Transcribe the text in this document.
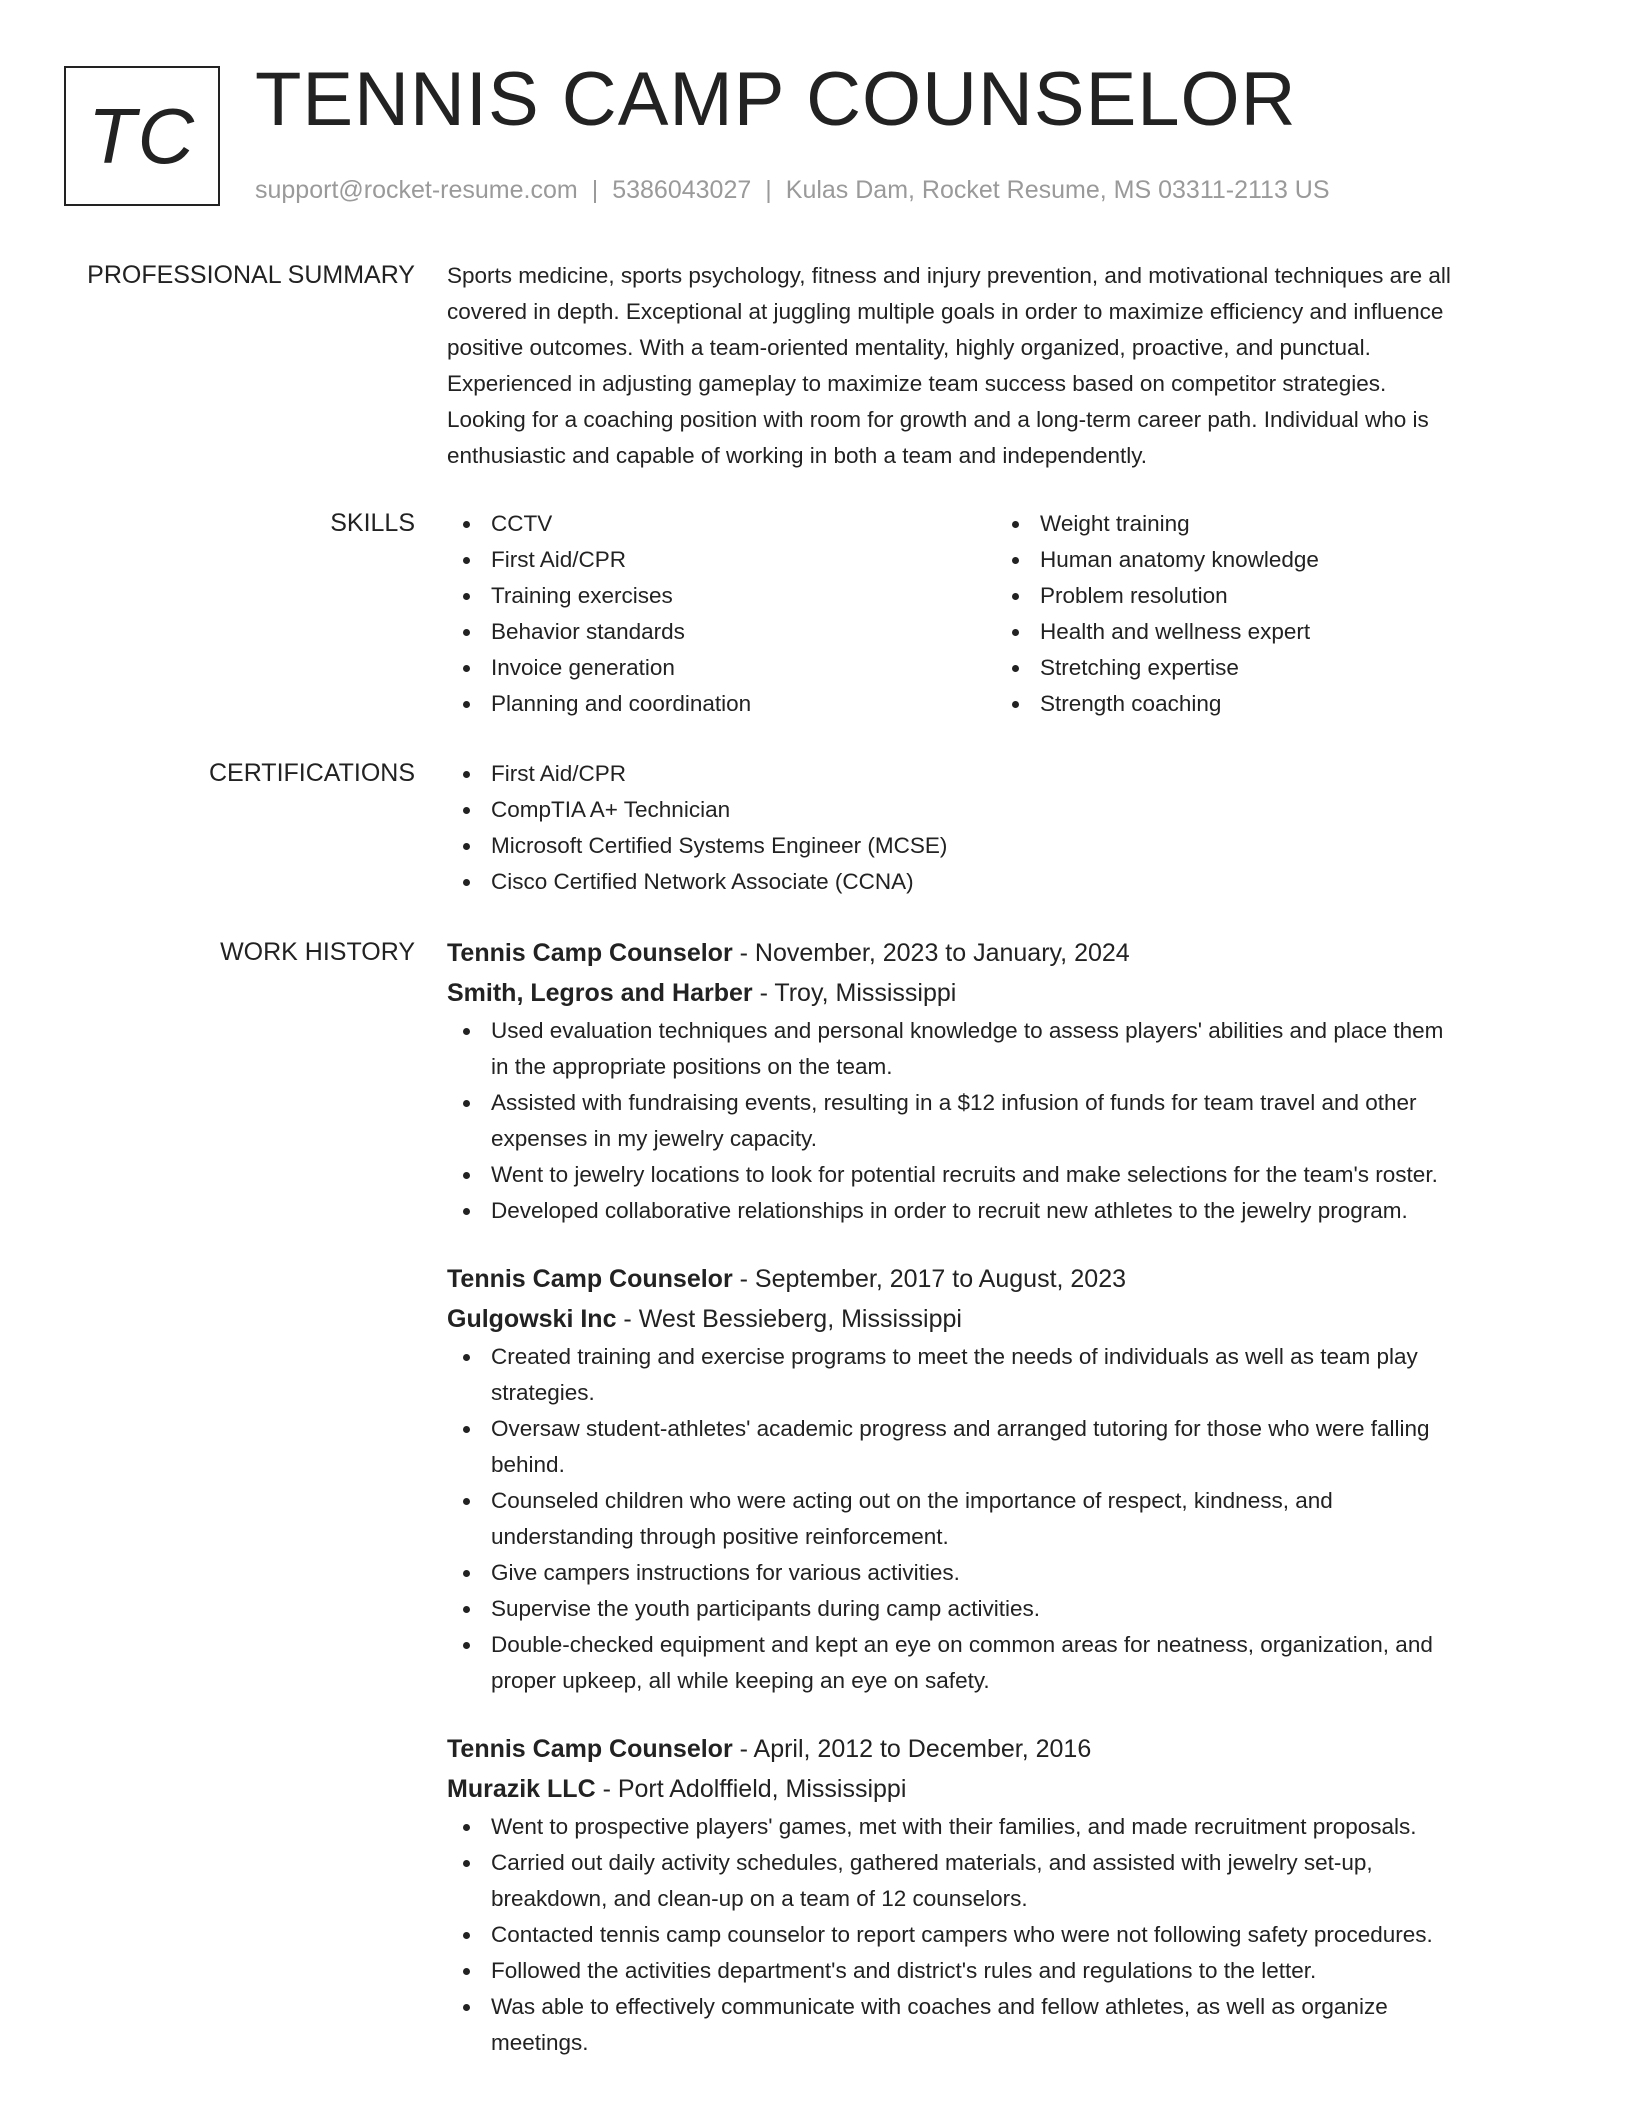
TC TENNIS CAMP COUNSELOR
support@rocket-resume.com | 5386043027 | Kulas Dam, Rocket Resume, MS 03311-2113 US
PROFESSIONAL SUMMARY Sports medicine, sports psychology, fitness and injury prevention, and motivational techniques are all
covered in depth. Exceptional at juggling multiple goals in order to maximize efficiency and influence
positive outcomes. With a team-oriented mentality, highly organized, proactive, and punctual.
Experienced in adjusting gameplay to maximize team success based on competitor strategies.
Looking for a coaching position with room for growth and a long-term career path. Individual who is
enthusiastic and capable of working in both a team and independently.
SKILLS	CCTV
First Aid/CPR
Training exercises
Behavior standards
Invoice generation
Planning and coordination
Weight training
Human anatomy knowledge
Problem resolution
Health and wellness expert
Stretching expertise
Strength coaching
CERTIFICATIONS	First Aid/CPR
CompTIA A+ Technician
Microsoft Certified Systems Engineer (MCSE)
Cisco Certified Network Associate (CCNA)
WORK HISTORY Tennis Camp Counselor - November, 2023 to January, 2024
Smith, Legros and Harber - Troy, Mississippi
Used evaluation techniques and personal knowledge to assess players' abilities and place them
in the appropriate positions on the team.
Assisted with fundraising events, resulting in a $12 infusion of funds for team travel and other
expenses in my jewelry capacity.
Went to jewelry locations to look for potential recruits and make selections for the team's roster.
Developed collaborative relationships in order to recruit new athletes to the jewelry program.
Tennis Camp Counselor - September, 2017 to August, 2023
Gulgowski Inc - West Bessieberg, Mississippi
Created training and exercise programs to meet the needs of individuals as well as team play
strategies.
Oversaw student-athletes' academic progress and arranged tutoring for those who were falling
behind.
Counseled children who were acting out on the importance of respect, kindness, and
understanding through positive reinforcement.
Give campers instructions for various activities.
Supervise the youth participants during camp activities.
Double-checked equipment and kept an eye on common areas for neatness, organization, and
proper upkeep, all while keeping an eye on safety.
Tennis Camp Counselor - April, 2012 to December, 2016
Murazik LLC - Port Adolffield, Mississippi
Went to prospective players' games, met with their families, and made recruitment proposals.
Carried out daily activity schedules, gathered materials, and assisted with jewelry set-up,
breakdown, and clean-up on a team of 12 counselors.
Contacted tennis camp counselor to report campers who were not following safety procedures.
Followed the activities department's and district's rules and regulations to the letter.
Was able to effectively communicate with coaches and fellow athletes, as well as organize
meetings.
